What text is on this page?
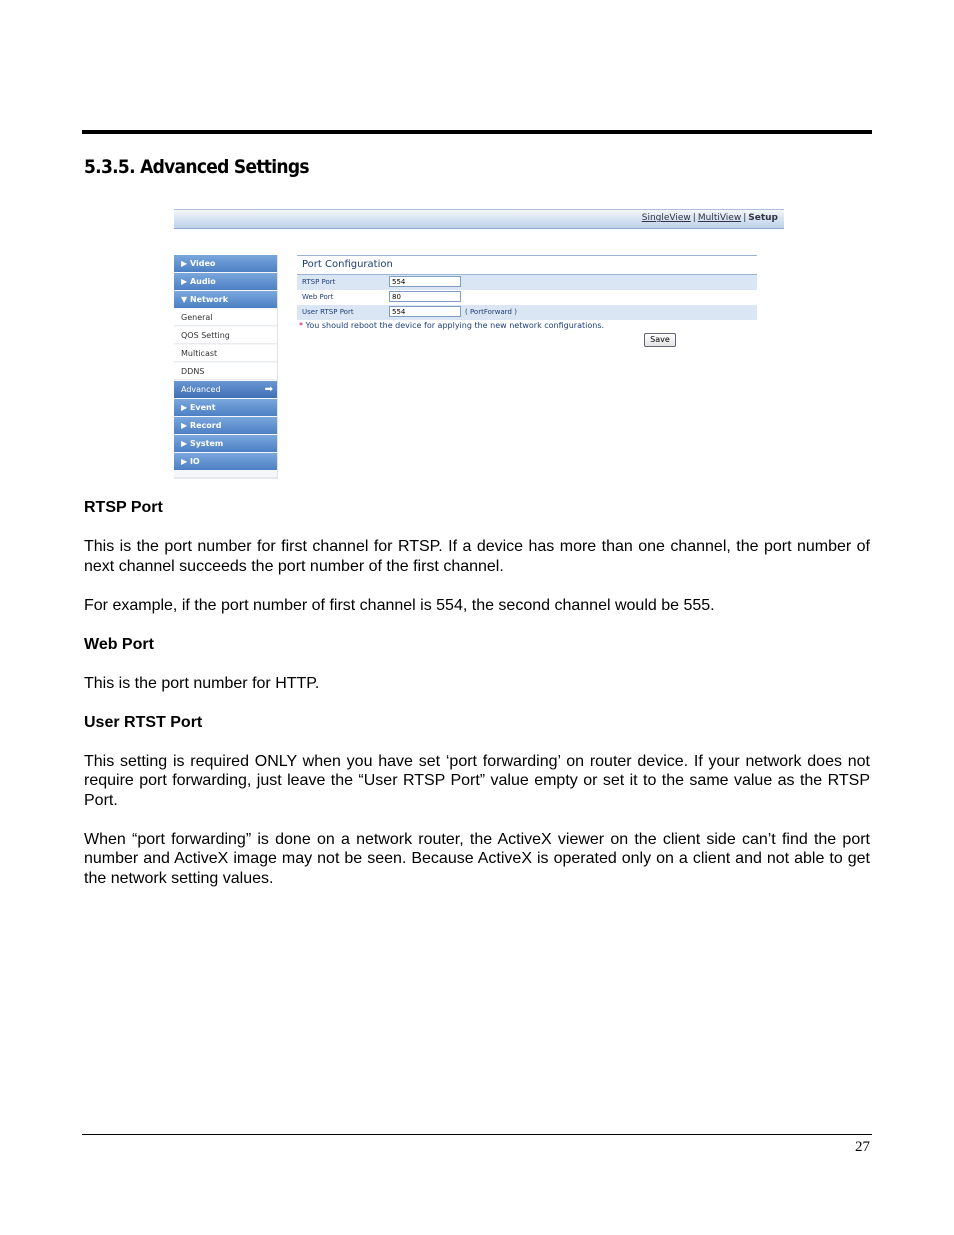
5.3.5. Advanced Settings
SingleView | MultiView | Setup
▶ Video
▶ Audio
▼ Network
General
QOS Setting
Multicast
DDNS
Advanced	➡
▶ Event
▶ Record
▶ System
▶ IO
Port Configuration
RTSP Port	554
Web Port	80
User RTSP Port	554	( PortForward )
* You should reboot the device for applying the new network configurations.
Save
RTSP Port

This is the port number for first channel for RTSP. If a device has more than one channel, the port number of next channel succeeds the port number of the first channel.

For example, if the port number of first channel is 554, the second channel would be 555.

Web Port

This is the port number for HTTP.

User RTST Port

This setting is required ONLY when you have set ‘port forwarding’ on router device. If your network does not require port forwarding, just leave the “User RTSP Port” value empty or set it to the same value as the RTSP Port.

When “port forwarding” is done on a network router, the ActiveX viewer on the client side can’t find the port number and ActiveX image may not be seen. Because ActiveX is operated only on a client and not able to get the network setting values.

27
